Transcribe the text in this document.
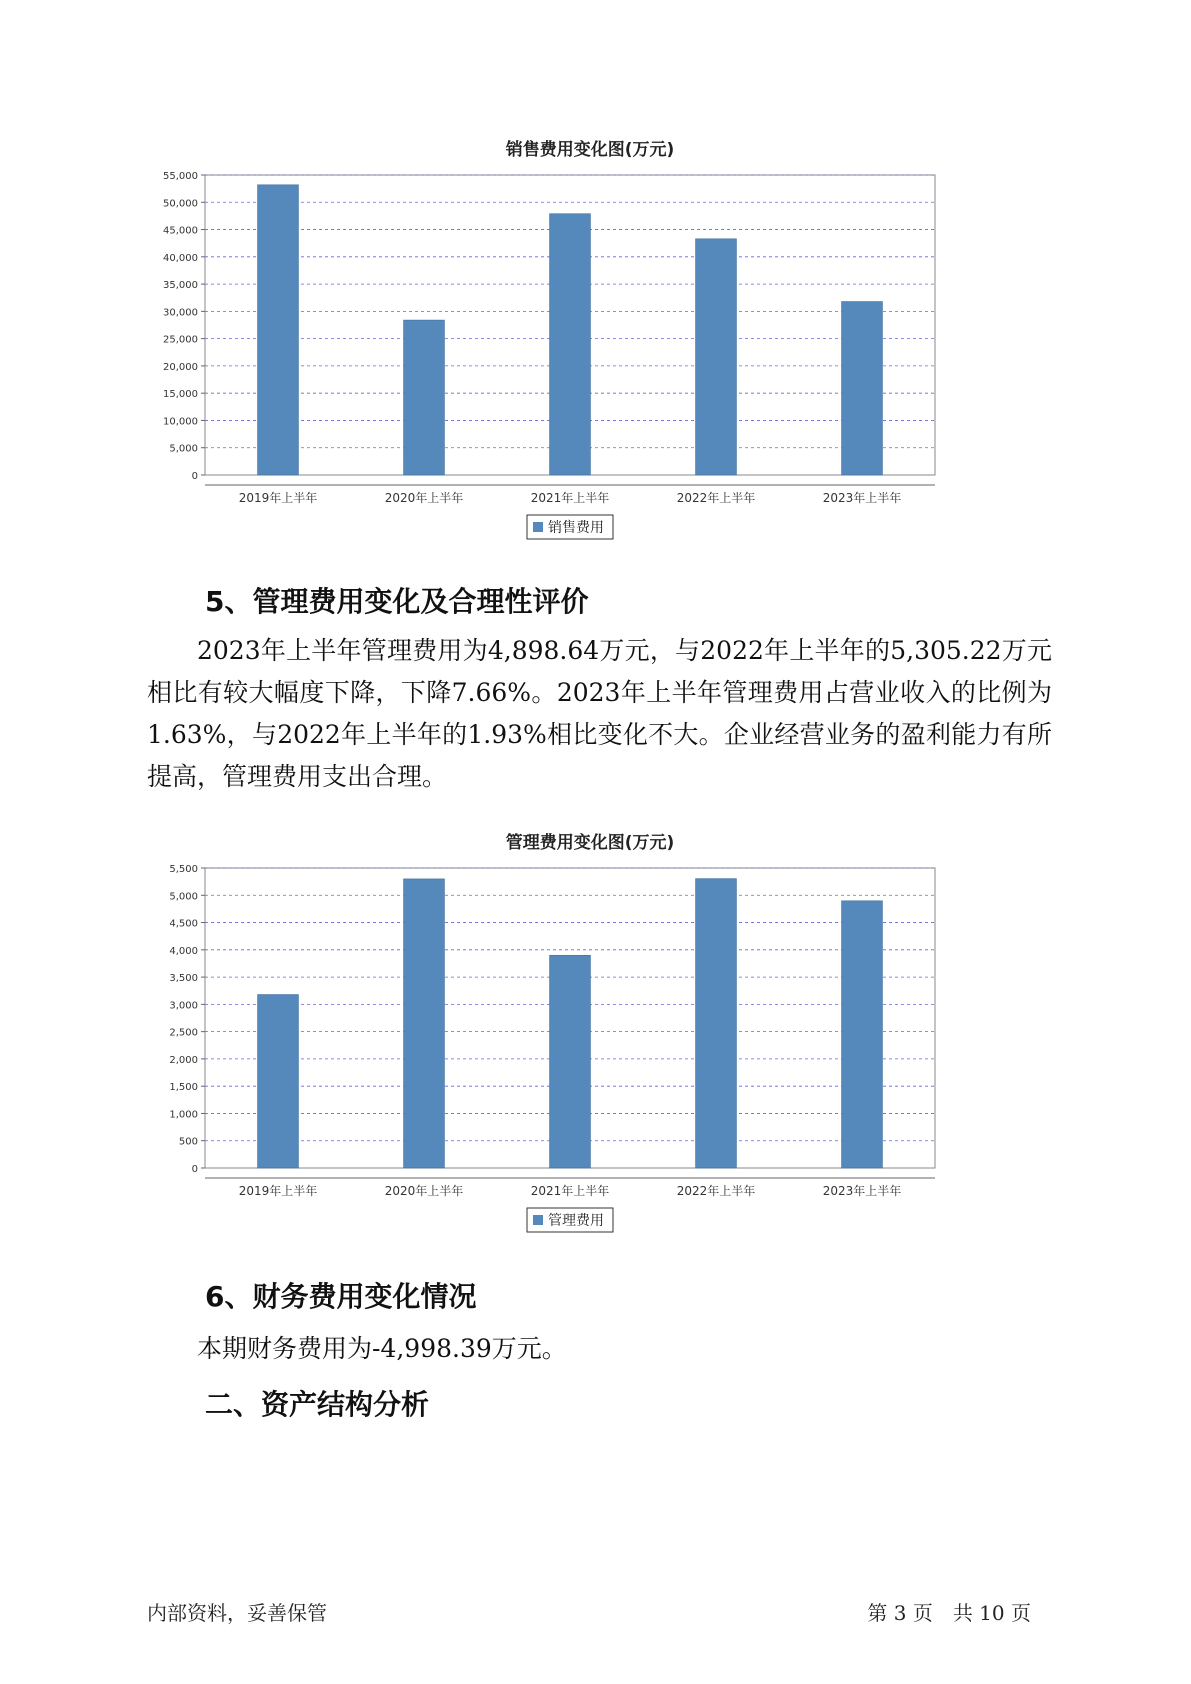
销售费用变化图(万元)
0
5,000
10,000
15,000
20,000
25,000
30,000
35,000
40,000
45,000
50,000
55,000
2019年上半年	2020年上半年	2021年上半年	2022年上半年	2023年上半年
销售费用
5、管理费用变化及合理性评价
2023年上半年管理费用为4,898.64万元，与2022年上半年的5,305.22万元相比有较大幅度下降，下降7.66%。2023年上半年管理费用占营业收入的比例为1.63%，与2022年上半年的1.93%相比变化不大。企业经营业务的盈利能力有所提高，管理费用支出合理。
管理费用变化图(万元)
0
500
1,000
1,500
2,000
2,500
3,000
3,500
4,000
4,500
5,000
5,500
2019年上半年	2020年上半年	2021年上半年	2022年上半年	2023年上半年
管理费用
6、财务费用变化情况
本期财务费用为-4,998.39万元。
二、资产结构分析
内部资料，妥善保管	第 3 页　共 10 页
